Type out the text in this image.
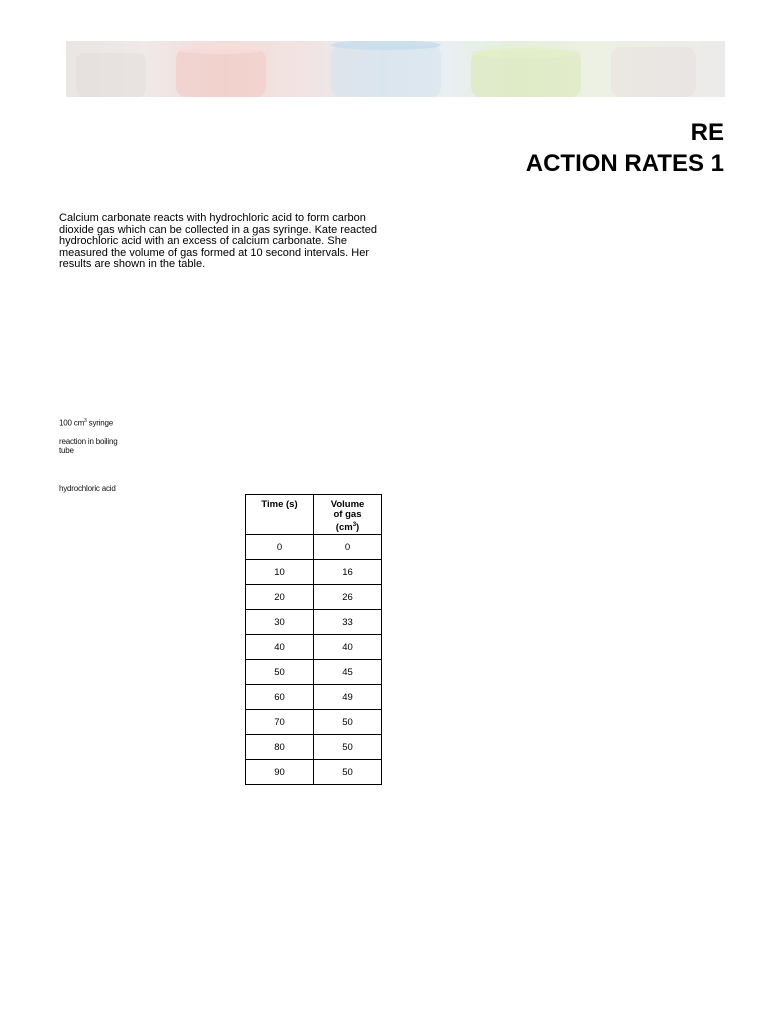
RE
ACTION RATES 1

Calcium carbonate reacts with hydrochloric acid to form carbon dioxide gas which can be collected in a gas syringe. Kate reacted hydrochloric acid with an excess of calcium carbonate. She measured the volume of gas formed at 10 second intervals. Her results are shown in the table.

100 $cm^3$ syringe
reaction in boiling
tube
hydrochloric acid
Time (s)	Volume
of gas
$(cm^3)$

0	0
10	16
20	26
30	33
40	40
50	45
60	49
70	50
80	50
90	50
